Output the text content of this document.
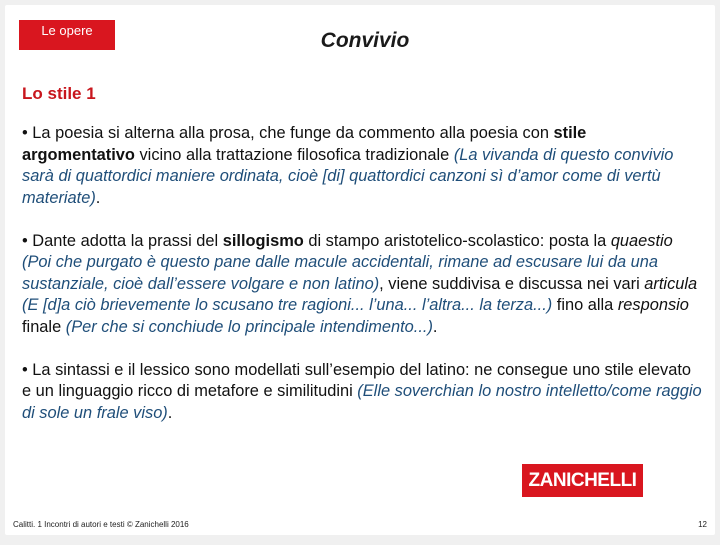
Le opere	Convivio
Lo stile 1

• La poesia si alterna alla prosa, che funge da commento alla poesia con stile argomentativo vicino alla trattazione filosofica tradizionale (La vivanda di questo convivio sarà di quattordici maniere ordinata, cioè [di] quattordici canzoni sì d’amor come di vertù materiate).

• Dante adotta la prassi del sillogismo di stampo aristotelico-scolastico: posta la quaestio (Poi che purgato è questo pane dalle macule accidentali, rimane ad escusare lui da una sustanziale, cioè dall’essere volgare e non latino), viene suddivisa e discussa nei vari articula (E [d]a ciò brievemente lo scusano tre ragioni... l’una... l’altra... la terza...) fino alla responsio finale (Per che si conchiude lo principale intendimento...).

• La sintassi e il lessico sono modellati sull’esempio del latino: ne consegue uno stile elevato e un linguaggio ricco di metafore e similitudini (Elle soverchian lo nostro intelletto/come raggio di sole un frale viso).

ZANICHELLI
Calitti. 1 Incontri di autori e testi © Zanichelli 2016	12
